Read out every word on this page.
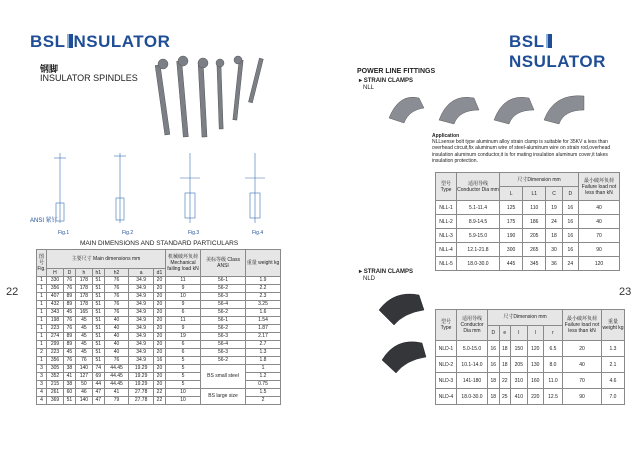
BSL NSULATOR
钢脚
INSULATOR SPINDLES
ANSI 紧钉
Fig.1	Fig.2	Fig.3	Fig.4
MAIN DIMENSIONS AND STANDARD PARTICULARS
图号 Fig.	主要尺寸 Main dimensions mm							机械破坏负荷 Mechanical failing load kN	美标等级 Class ANSI	重量 weight kg
	H	D	h	h1	h2	a	d1			
1	330	76	178	51	76	34.9	20	11	56-1	1.9
1	356	76	178	51	76	34.9	20	9	56-2	2.2
1	407	89	178	51	76	34.9	20	10	56-3	2.3
1	432	89	178	51	76	34.9	20	9	56-4	3.25
1	343	45	165	51	76	34.9	20	6	56-2	1.6
1	198	76	45	51	40	34.9	20	11	56-1	1.54
1	223	76	45	51	40	34.9	20	9	56-2	1.87
1	274	89	45	51	40	34.9	20	19	56-3	2.17
1	299	89	45	51	40	34.9	20	6	56-4	2.7
2	223	45	45	51	40	34.9	20	6	56-3	1.3
1	356	76	76	51	76	34.9	16	5	56-2	1.8
3	305	38	140	74	44.45	19.29	20	5	BS small steel	1
3	352	41	127	69	44.45	19.29	20	5		1.2
3	215	38	50	44	44.45	19.29	20	5		0.75
4	261	60	46	47	41	27.78	22	10	BS large size	1.5
4	369	51	140	47	79	27.78	22	10		2
22
BSLNSULATOR
POWER LINE FITTINGS
▸ STRAIN CLAMPS
NLL
Application
NLLsense bolt type aluminum alloy strain clamp is suitable for 35KV a less than overhead circuit,fix aluminum wire of steel-aluminum wire on strain rod,overhead insulation aluminum conductor,it is for mating insulation aluminum cover,it takes insulation protection.
型号 Type	适用导线 Conductor Dia mm	尺寸Dimension mm				最小破坏负荷 Failure load not less than kN
		L	L1	C	D	
NLL-1	5.1-11.4	125	110	19	16	40
NLL-2	8.9-14.5	175	186	24	16	40
NLL-3	5.9-15.0	190	205	18	16	70
NLL-4	12.1-21.8	300	265	30	16	90
NLL-5	18.0-30.0	445	345	36	24	120
▸ STRAIN CLAMPS
NLD
型号 Type	适用导线 Conductor Dia mm	尺寸Dimension mm					最小破坏负荷 Failure load not less than kN	重量 weight kg
		D	e	l	l	r		
NLD-1	5.0-15.0	16	18	150	120	6.5	20	1.3
NLD-2	10.1-14.0	16	18	205	130	8.0	40	2.1
NLD-3	141-180	18	22	310	160	11.0	70	4.6
NLD-4	18.0-30.0	18	25	410	220	12.5	90	7.0
23
